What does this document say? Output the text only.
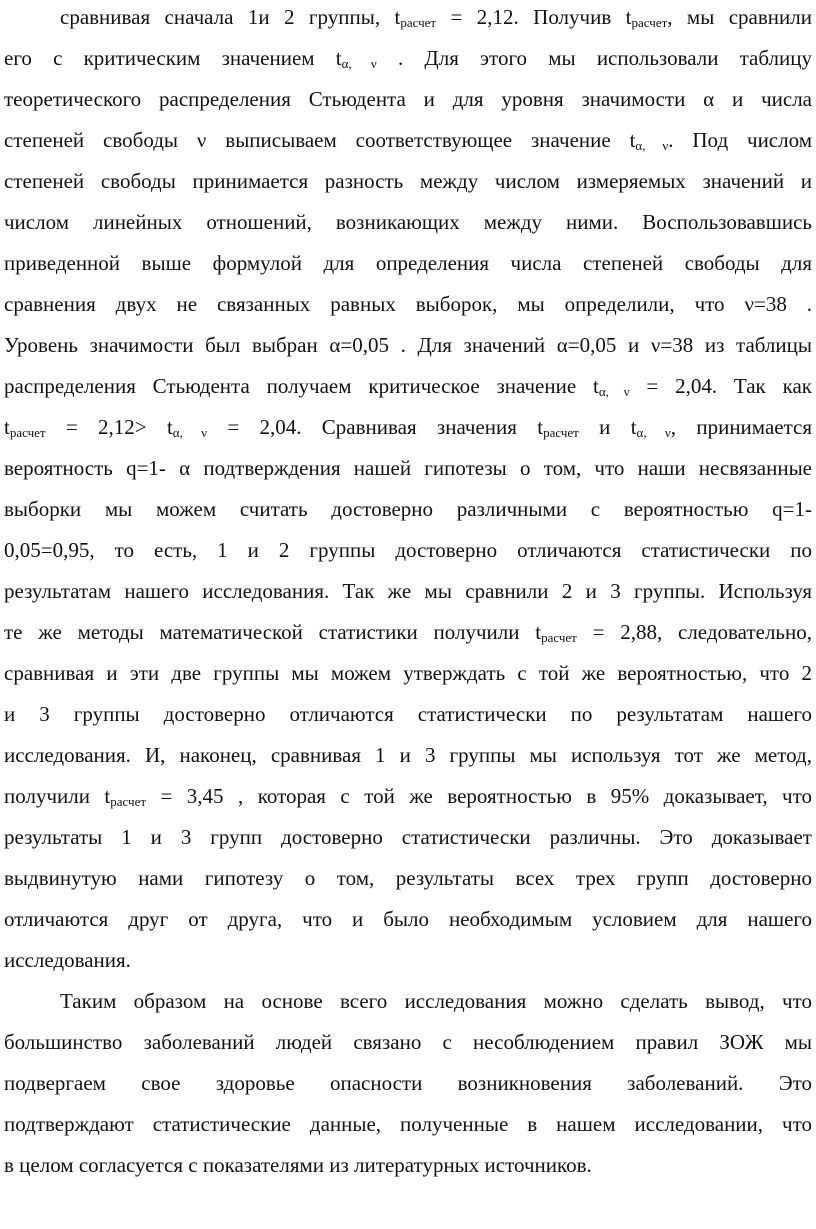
сравнивая сначала 1и 2 группы, $t_{расчет} = 2,12$. Получив $t_{расчет}$, мы сравнили
его с критическим значением $t_{\alpha, \nu}$ . Для этого мы использовали таблицу
теоретического распределения Стьюдента и для уровня значимости α и числа
степеней свободы ν выписываем соответствующее значение $t_{\alpha, \nu}$. Под числом
степеней свободы принимается разность между числом измеряемых значений и
числом линейных отношений, возникающих между ними. Воспользовавшись
приведенной выше формулой для определения числа степеней свободы для
сравнения двух не связанных равных выборок, мы определили, что ν=38 .
Уровень значимости был выбран α=0,05 . Для значений α=0,05 и ν=38 из таблицы
распределения Стьюдента получаем критическое значение $t_{\alpha, \nu} = 2,04$. Так как
$t_{расчет} = 2,12> t_{\alpha, \nu} = 2,04$. Сравнивая значения $t_{расчет}$ и $t_{\alpha, \nu}$, принимается
вероятность q=1- α подтверждения нашей гипотезы о том, что наши несвязанные
выборки мы можем считать достоверно различными с вероятностью q=1-
0,05=0,95, то есть, 1 и 2 группы достоверно отличаются статистически по
результатам нашего исследования. Так же мы сравнили 2 и 3 группы. Используя
те же методы математической статистики получили $t_{расчет} = 2,88$, следовательно,
сравнивая и эти две группы мы можем утверждать с той же вероятностью, что 2
и 3 группы достоверно отличаются статистически по результатам нашего
исследования. И, наконец, сравнивая 1 и 3 группы мы используя тот же метод,
получили $t_{расчет} = 3,45$ , которая с той же вероятностью в 95% доказывает, что
результаты 1 и 3 групп достоверно статистически различны. Это доказывает
выдвинутую нами гипотезу о том, результаты всех трех групп достоверно
отличаются друг от друга, что и было необходимым условием для нашего
исследования.
Таким образом на основе всего исследования можно сделать вывод, что
большинство заболеваний людей связано с несоблюдением правил ЗОЖ мы
подвергаем свое здоровье опасности возникновения заболеваний. Это
подтверждают статистические данные, полученные в нашем исследовании, что
в целом согласуется с показателями из литературных источников.
